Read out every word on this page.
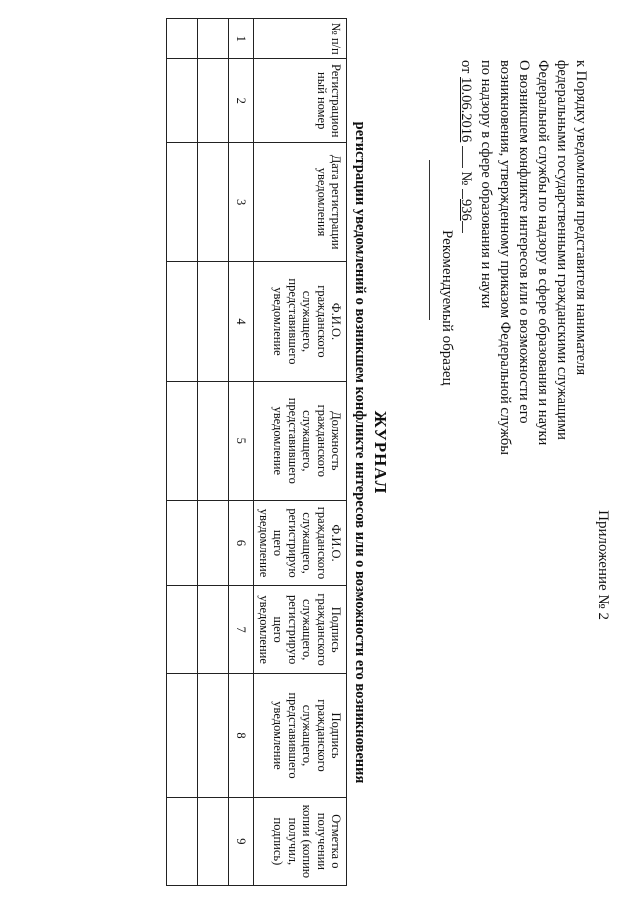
Приложение № 2
к Порядку уведомления представителя нанимателя
федеральными государственными гражданскими служащими
Федеральной службы по надзору в сфере образования и науки
О возникшем конфликте интересов или о возможности его
возникновения, утвержденному приказом Федеральной службы
по надзору в сфере образования и науки
от 10.06.2016  № 936
Рекомендуемый образец
ЖУРНАЛ
регистрации уведомлений о возникшем конфликте интересов или о возможности его возникновения
№ п/п	Регистрацион ный номер	Дата регистрации уведомления	Ф.И.О. гражданского служащего, представившего уведомление	Должность гражданского служащего, представившего уведомление	Ф.И.О. гражданского служащего, регистрирую щего уведомление	Подпись гражданского служащего, регистрирую щего уведомление	Подпись гражданского служащего, представившего уведомление	Отметка о получении копии (копию получил, подпись)
1	2	3	4	5	6	7	8	9
